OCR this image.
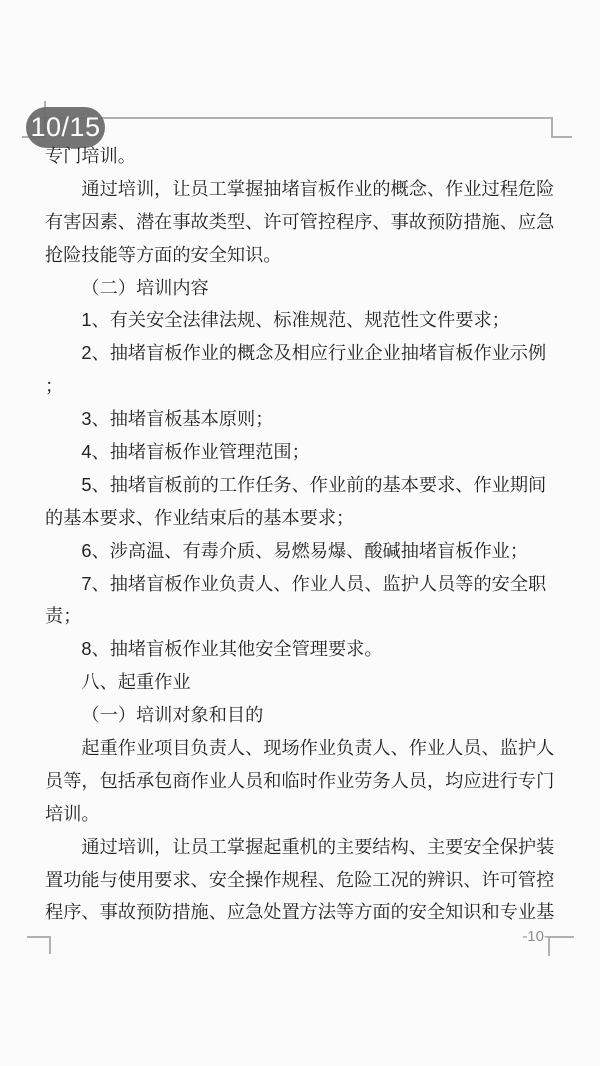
10/15
专门培训。
通过培训，让员工掌握抽堵盲板作业的概念、作业过程危险
有害因素、潜在事故类型、许可管控程序、事故预防措施、应急
抢险技能等方面的安全知识。
（二）培训内容
1、有关安全法律法规、标准规范、规范性文件要求；
2、抽堵盲板作业的概念及相应行业企业抽堵盲板作业示例
；
3、抽堵盲板基本原则；
4、抽堵盲板作业管理范围；
5、抽堵盲板前的工作任务、作业前的基本要求、作业期间
的基本要求、作业结束后的基本要求；
6、涉高温、有毒介质、易燃易爆、酸碱抽堵盲板作业；
7、抽堵盲板作业负责人、作业人员、监护人员等的安全职
责；
8、抽堵盲板作业其他安全管理要求。
八、起重作业
（一）培训对象和目的
起重作业项目负责人、现场作业负责人、作业人员、监护人
员等，包括承包商作业人员和临时作业劳务人员，均应进行专门
培训。
通过培训，让员工掌握起重机的主要结构、主要安全保护装
置功能与使用要求、安全操作规程、危险工况的辨识、许可管控
程序、事故预防措施、应急处置方法等方面的安全知识和专业基
-10-
